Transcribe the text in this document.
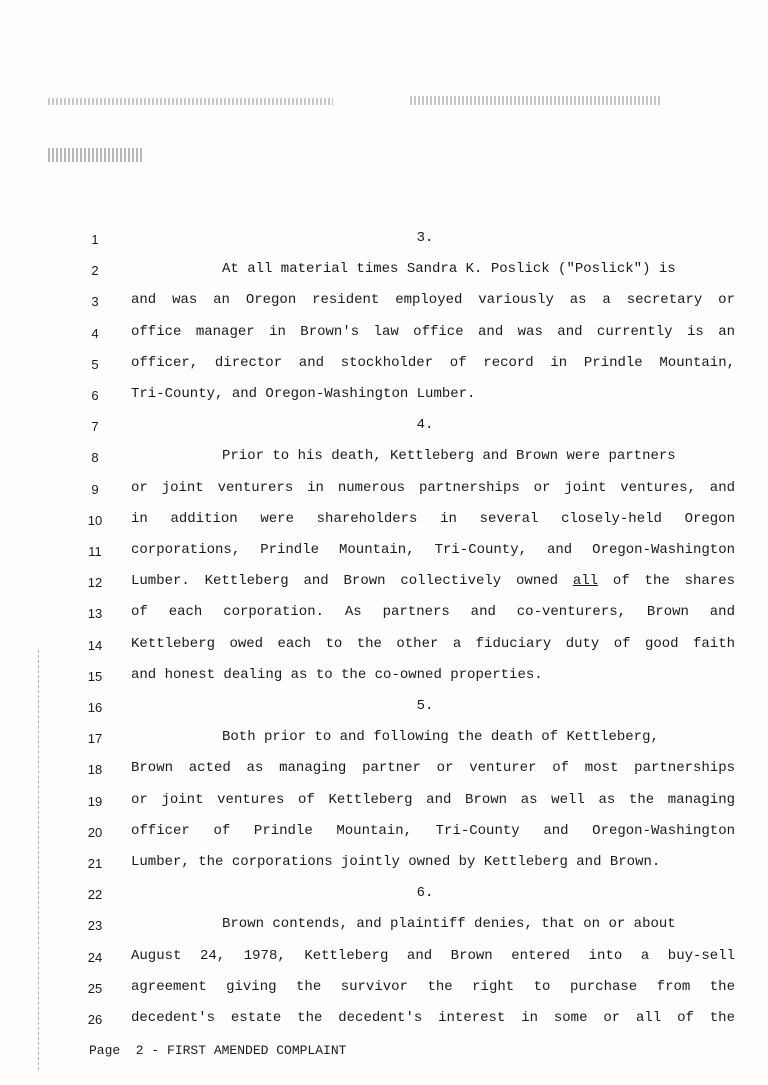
1	3.
2	At all material times Sandra K. Poslick ("Poslick") is
3	and was an Oregon resident employed variously as a secretary or
4	office manager in Brown's law office and was and currently is an
5	officer, director and stockholder of record in Prindle Mountain,
6	Tri-County, and Oregon-Washington Lumber.
7	4.
8	Prior to his death, Kettleberg and Brown were partners
9	or joint venturers in numerous partnerships or joint ventures, and
10	in addition were shareholders in several closely-held Oregon
11	corporations, Prindle Mountain, Tri-County, and Oregon-Washington
12	Lumber. Kettleberg and Brown collectively owned all of the shares
13	of each corporation. As partners and co-venturers, Brown and
14	Kettleberg owed each to the other a fiduciary duty of good faith
15	and honest dealing as to the co-owned properties.
16	5.
17	Both prior to and following the death of Kettleberg,
18	Brown acted as managing partner or venturer of most partnerships
19	or joint ventures of Kettleberg and Brown as well as the managing
20	officer of Prindle Mountain, Tri-County and Oregon-Washington
21	Lumber, the corporations jointly owned by Kettleberg and Brown.
22	6.
23	Brown contends, and plaintiff denies, that on or about
24	August 24, 1978, Kettleberg and Brown entered into a buy-sell
25	agreement giving the survivor the right to purchase from the
26	decedent's estate the decedent's interest in some or all of the
Page  2 - FIRST AMENDED COMPLAINT
